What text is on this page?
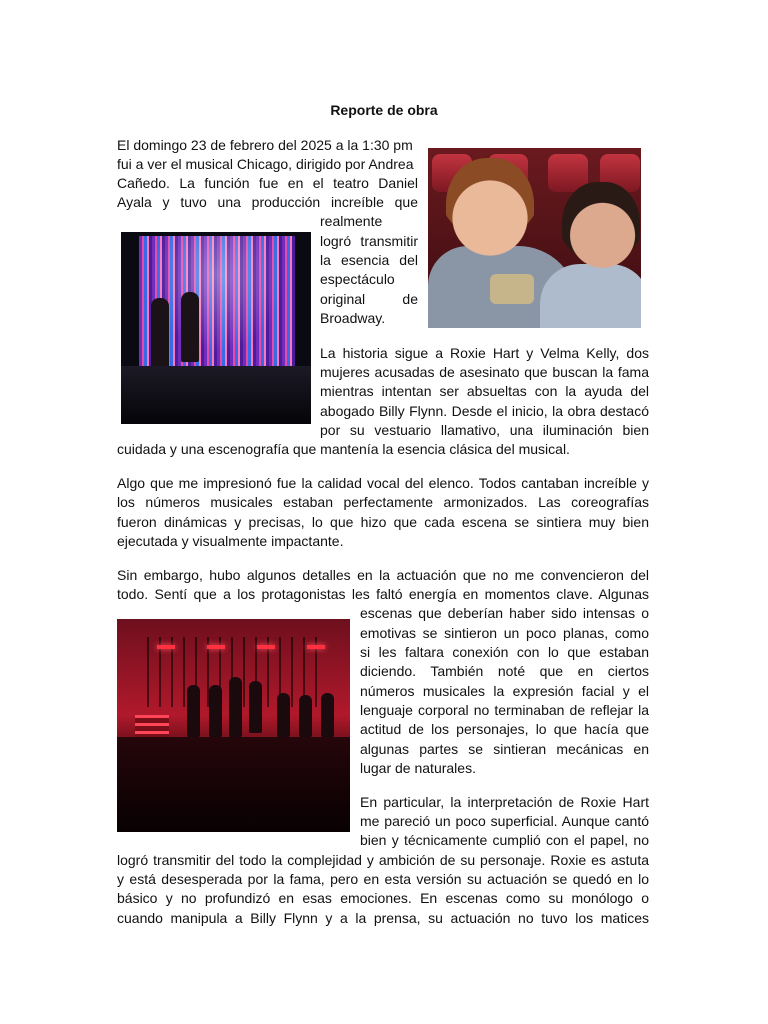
Reporte de obra
El domingo 23 de febrero del 2025 a la 1:30 pm
fui a ver el musical Chicago, dirigido por Andrea
Cañedo. La función fue en el teatro Daniel
Ayala y tuvo una producción increíble que
realmente
logró transmitir
la esencia del
espectáculo
original de
Broadway.
La historia sigue a Roxie Hart y Velma Kelly, dos
mujeres acusadas de asesinato que buscan la fama
mientras intentan ser absueltas con la ayuda del
abogado Billy Flynn. Desde el inicio, la obra destacó
por su vestuario llamativo, una iluminación bien
cuidada y una escenografía que mantenía la esencia clásica del musical.
Algo que me impresionó fue la calidad vocal del elenco. Todos cantaban increíble y
los números musicales estaban perfectamente armonizados. Las coreografías
fueron dinámicas y precisas, lo que hizo que cada escena se sintiera muy bien
ejecutada y visualmente impactante.
Sin embargo, hubo algunos detalles en la actuación que no me convencieron del
todo. Sentí que a los protagonistas les faltó energía en momentos clave. Algunas
escenas que deberían haber sido intensas o
emotivas se sintieron un poco planas, como
si les faltara conexión con lo que estaban
diciendo. También noté que en ciertos
números musicales la expresión facial y el
lenguaje corporal no terminaban de reflejar la
actitud de los personajes, lo que hacía que
algunas partes se sintieran mecánicas en
lugar de naturales.
En particular, la interpretación de Roxie Hart
me pareció un poco superficial. Aunque cantó
bien y técnicamente cumplió con el papel, no
logró transmitir del todo la complejidad y ambición de su personaje. Roxie es astuta
y está desesperada por la fama, pero en esta versión su actuación se quedó en lo
básico y no profundizó en esas emociones. En escenas como su monólogo o
cuando manipula a Billy Flynn y a la prensa, su actuación no tuvo los matices
